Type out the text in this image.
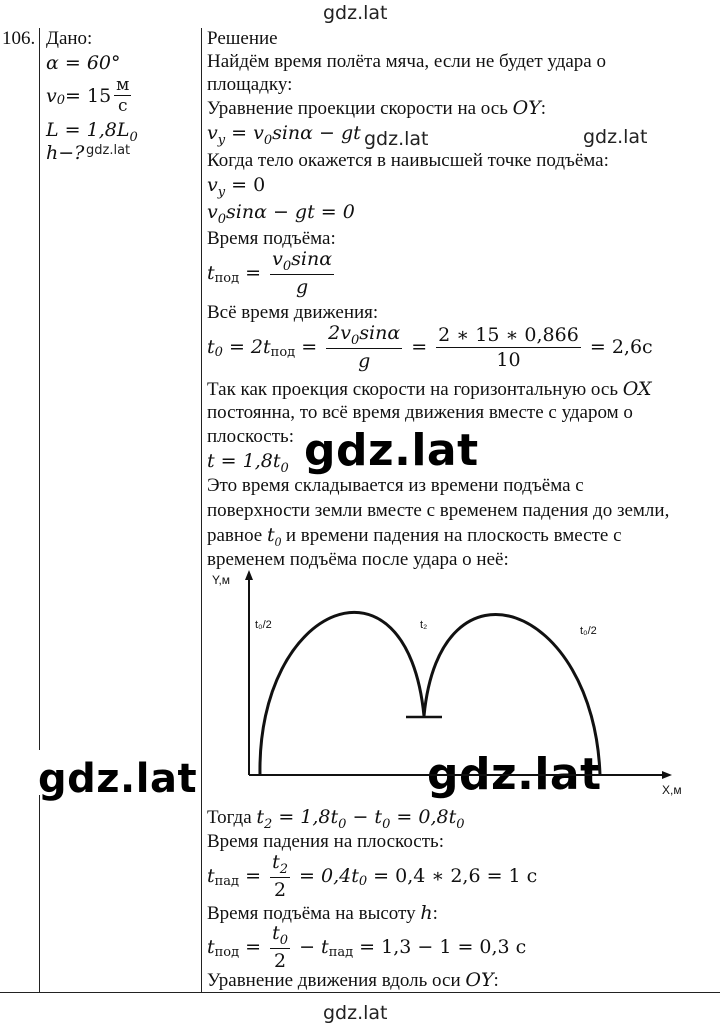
gdz.lat
gdz.lat	gdz.lat
gdz.lat
gdz.lat
gdz.lat	gdz.lat
gdz.lat
106. Дано:
α = 60°
v $0 = 15 \frac{м}{с}$
$L = 1,8L_0$
h−?
Решение
Найдём время полёта мяча, если не будет удара о
площадку:
Уравнение проекции скорости на ось OY:
$v_y = v_0\sin\alpha$ − gt
Когда тело окажется в наивысшей точке подъёма:
$v_y = 0$
$v_0\sin\alpha$ − gt = 0
Время подъёма:
t под = $\frac{v_0\sin\alpha}{g}$
Всё время движения:
t 0 = 2t под = $\frac{2v_0\sin\alpha}{g} = \frac{2 ∗ 15 ∗ 0,866}{10} = 2,6с$
Так как проекция скорости на горизонтальную ось OX
постоянна, то всё время движения вместе с ударом о
плоскость:
$t = 1,8t_0$
Это время складывается из времени подъёма с
поверхности земли вместе с временем падения до земли,
равное $t_0$ и времени падения на плоскость вместе с
временем подъёма после удара о неё:
Y,м
X,м
t₀/2	t₂	t₀/2
Тогда $t_2 = 1,8t_0 - t_0 = 0,8t_0$
Время падения на плоскость:
t пад = $\frac{t_2}{2} = 0,4t$ 0 = 0,4 ∗ 2,6 = 1 с
Время подъёма на высоту h:
t под = $\frac{t_0}{2} - t$ пад = 1,3 − 1 = 0,3 с
Уравнение движения вдоль оси OY:
